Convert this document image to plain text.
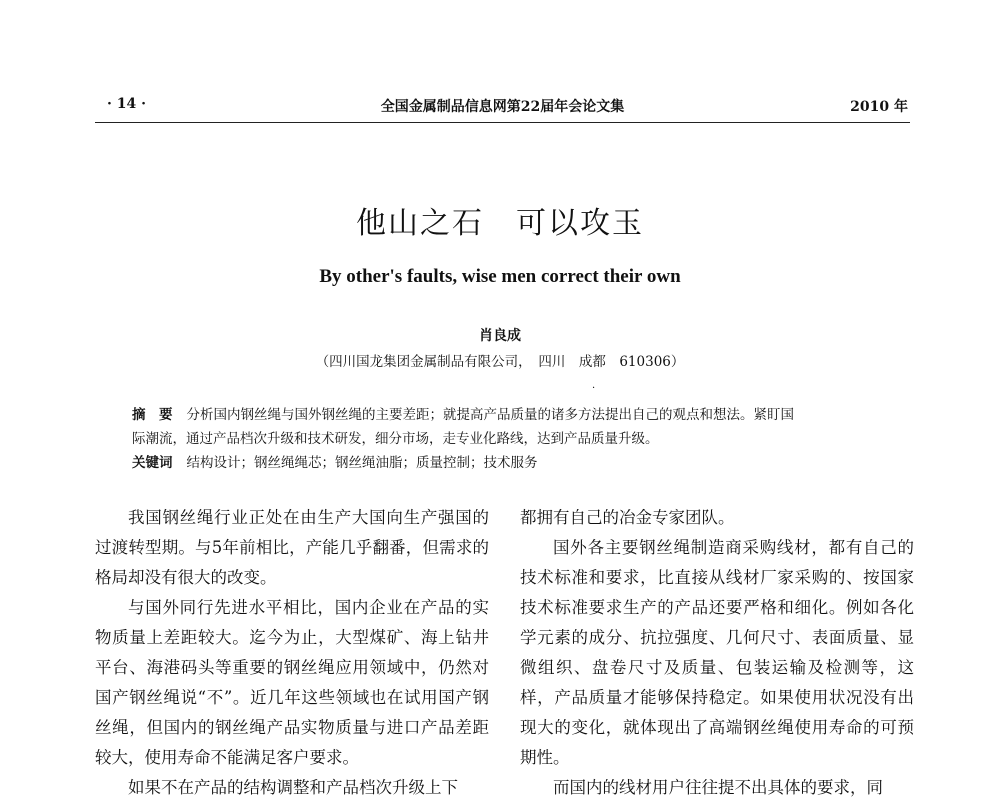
· 14 ·	全国金属制品信息网第22届年会论文集	2010 年
他山之石　可以攻玉
By other's faults, wise men correct their own
肖良成
（四川国龙集团金属制品有限公司，　四川　成都　610306）
·

摘　要 分析国内钢丝绳与国外钢丝绳的主要差距；就提高产品质量的诸多方法提出自己的观点和想法。紧盯国

际潮流，通过产品档次升级和技术研发，细分市场，走专业化路线，达到产品质量升级。

关键词 结构设计；钢丝绳绳芯；钢丝绳油脂；质量控制；技术服务

我国钢丝绳行业正处在由生产大国向生产强国的过渡转型期。与5年前相比，产能几乎翻番，但需求的格局却没有很大的改变。

与国外同行先进水平相比，国内企业在产品的实物质量上差距较大。迄今为止，大型煤矿、海上钻井平台、海港码头等重要的钢丝绳应用领域中，仍然对国产钢丝绳说“不”。近几年这些领域也在试用国产钢丝绳，但国内的钢丝绳产品实物质量与进口产品差距较大，使用寿命不能满足客户要求。

如果不在产品的结构调整和产品档次升级上下

都拥有自己的冶金专家团队。

国外各主要钢丝绳制造商采购线材，都有自己的技术标准和要求，比直接从线材厂家采购的、按国家技术标准要求生产的产品还要严格和细化。例如各化学元素的成分、抗拉强度、几何尺寸、表面质量、显微组织、盘卷尺寸及质量、包装运输及检测等，这样，产品质量才能够保持稳定。如果使用状况没有出现大的变化，就体现出了高端钢丝绳使用寿命的可预期性。

而国内的线材用户往往提不出具体的要求，同
